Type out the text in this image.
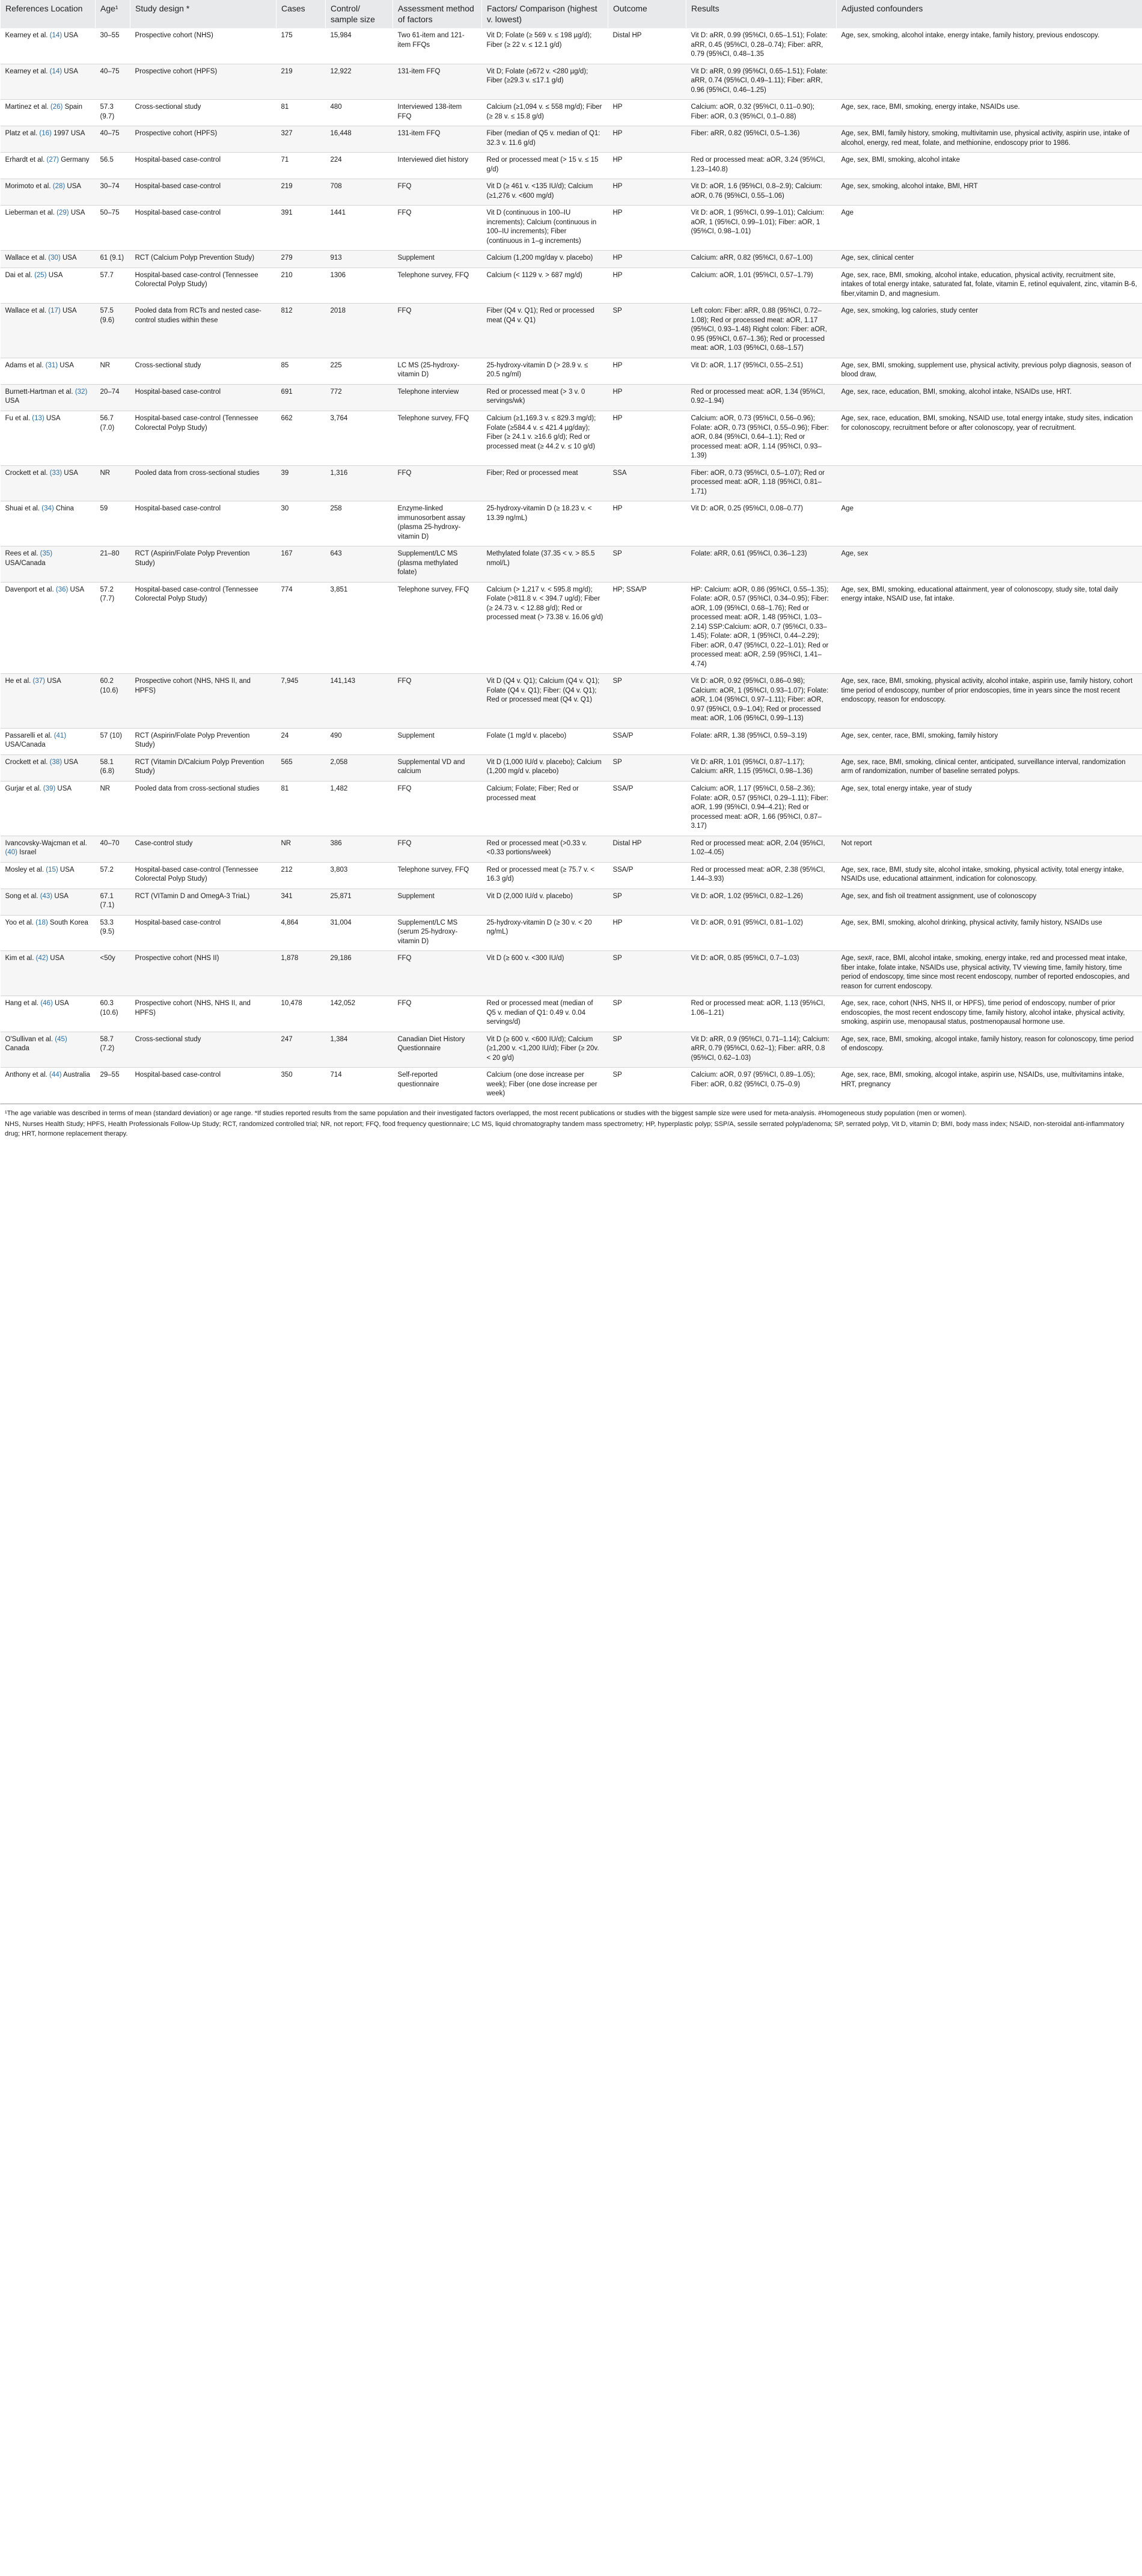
References Location	Age¹	Study design *	Cases	Control/ sample size	Assessment method of factors	Factors/ Comparison (highest v. lowest)	Outcome	Results	Adjusted confounders
Kearney et al. (14) USA	30–55	Prospective cohort (NHS)	175	15,984	Two 61-item and 121-item FFQs	Vit D; Folate (≥ 569 v. ≤ 198 µg/d); Fiber (≥ 22 v. ≤ 12.1 g/d)	Distal HP	Vit D: aRR, 0.99 (95%CI, 0.65–1.51); Folate: aRR, 0.45 (95%CI, 0.28–0.74); Fiber: aRR, 0.79 (95%CI, 0.48–1.35	Age, sex, smoking, alcohol intake, energy intake, family history, previous endoscopy.
Kearney et al. (14) USA	40–75	Prospective cohort (HPFS)	219	12,922	131-item FFQ	Vit D; Folate (≥672 v. <280 µg/d); Fiber (≥29.3 v. ≤17.1 g/d)		Vit D: aRR, 0.99 (95%CI, 0.65–1.51); Folate: aRR, 0.74 (95%CI, 0.49–1.11); Fiber: aRR, 0.96 (95%CI, 0.46–1.25)	
Martinez et al. (26) Spain	57.3 (9.7)	Cross-sectional study	81	480	Interviewed 138-item FFQ	Calcium (≥1,094 v. ≤ 558 mg/d); Fiber (≥ 28 v. ≤ 15.8 g/d)	HP	Calcium: aOR, 0.32 (95%CI, 0.11–0.90); Fiber: aOR, 0.3 (95%CI, 0.1–0.88)	Age, sex, race, BMI, smoking, energy intake, NSAIDs use.
Platz et al. (16) 1997 USA	40–75	Prospective cohort (HPFS)	327	16,448	131-item FFQ	Fiber (median of Q5 v. median of Q1: 32.3 v. 11.6 g/d)	HP	Fiber: aRR, 0.82 (95%CI, 0.5–1.36)	Age, sex, BMI, family history, smoking, multivitamin use, physical activity, aspirin use, intake of alcohol, energy, red meat, folate, and methionine, endoscopy prior to 1986.
Erhardt et al. (27) Germany	56.5	Hospital-based case-control	71	224	Interviewed diet history	Red or processed meat (> 15 v. ≤ 15 g/d)	HP	Red or processed meat: aOR, 3.24 (95%CI, 1.23–140.8)	Age, sex, BMI, smoking, alcohol intake
Morimoto et al. (28) USA	30–74	Hospital-based case-control	219	708	FFQ	Vit D (≥ 461 v. <135 IU/d); Calcium (≥1,276 v. <600 mg/d)	HP	Vit D: aOR, 1.6 (95%CI, 0.8–2.9); Calcium: aOR, 0.76 (95%CI, 0.55–1.06)	Age, sex, smoking, alcohol intake, BMI, HRT
Lieberman et al. (29) USA	50–75	Hospital-based case-control	391	1441	FFQ	Vit D (continuous in 100–IU increments); Calcium (continuous in 100–IU increments); Fiber (continuous in 1–g increments)	HP	Vit D: aOR, 1 (95%CI, 0.99–1.01); Calcium: aOR, 1 (95%CI, 0.99–1.01); Fiber: aOR, 1 (95%CI, 0.98–1.01)	Age
Wallace et al. (30) USA	61 (9.1)	RCT (Calcium Polyp Prevention Study)	279	913	Supplement	Calcium (1,200 mg/day v. placebo)	HP	Calcium: aRR, 0.82 (95%CI, 0.67–1.00)	Age, sex, clinical center
Dai et al. (25) USA	57.7	Hospital-based case-control (Tennessee Colorectal Polyp Study)	210	1306	Telephone survey, FFQ	Calcium (< 1129 v. > 687 mg/d)	HP	Calcium: aOR, 1.01 (95%CI, 0.57–1.79)	Age, sex, race, BMI, smoking, alcohol intake, education, physical activity, recruitment site, intakes of total energy intake, saturated fat, folate, vitamin E, retinol equivalent, zinc, vitamin B-6, fiber,vitamin D, and magnesium.
Wallace et al. (17) USA	57.5 (9.6)	Pooled data from RCTs and nested case-control studies within these	812	2018	FFQ	Fiber (Q4 v. Q1); Red or processed meat (Q4 v. Q1)	SP	Left colon: Fiber: aRR, 0.88 (95%CI, 0.72–1.08); Red or processed meat: aOR, 1.17 (95%CI, 0.93–1.48) Right colon: Fiber: aOR, 0.95 (95%CI, 0.67–1.36); Red or processed meat: aOR, 1.03 (95%CI, 0.68–1.57)	Age, sex, smoking, log calories, study center
Adams et al. (31) USA	NR	Cross-sectional study	85	225	LC MS (25-hydroxy-vitamin D)	25-hydroxy-vitamin D (> 28.9 v. ≤ 20.5 ng/ml)	HP	Vit D: aOR, 1.17 (95%CI, 0.55–2.51)	Age, sex, BMI, smoking, supplement use, physical activity, previous polyp diagnosis, season of blood draw,
Burnett-Hartman et al. (32) USA	20–74	Hospital-based case-control	691	772	Telephone interview	Red or processed meat (> 3 v. 0 servings/wk)	HP	Red or processed meat: aOR, 1.34 (95%CI, 0.92–1.94)	Age, sex, race, education, BMI, smoking, alcohol intake, NSAIDs use, HRT.
Fu et al. (13) USA	56.7 (7.0)	Hospital-based case-control (Tennessee Colorectal Polyp Study)	662	3,764	Telephone survey, FFQ	Calcium (≥1,169.3 v. ≤ 829.3 mg/d); Folate (≥584.4 v. ≤ 421.4 µg/day); Fiber (≥ 24.1 v. ≥16.6 g/d); Red or processed meat (≥ 44.2 v. ≤ 10 g/d)	HP	Calcium: aOR, 0.73 (95%CI, 0.56–0.96); Folate: aOR, 0.73 (95%CI, 0.55–0.96); Fiber: aOR, 0.84 (95%CI, 0.64–1.1); Red or processed meat: aOR, 1.14 (95%CI, 0.93–1.39)	Age, sex, race, education, BMI, smoking, NSAID use, total energy intake, study sites, indication for colonoscopy, recruitment before or after colonoscopy, year of recruitment.
Crockett et al. (33) USA	NR	Pooled data from cross-sectional studies	39	1,316	FFQ	Fiber; Red or processed meat	SSA	Fiber: aOR, 0.73 (95%CI, 0.5–1.07); Red or processed meat: aOR, 1.18 (95%CI, 0.81–1.71)	
Shuai et al. (34) China	59	Hospital-based case-control	30	258	Enzyme-linked immunosorbent assay (plasma 25-hydroxy-vitamin D)	25-hydroxy-vitamin D (≥ 18.23 v. < 13.39 ng/mL)	HP	Vit D: aOR, 0.25 (95%CI, 0.08–0.77)	Age
Rees et al. (35) USA/Canada	21–80	RCT (Aspirin/Folate Polyp Prevention Study)	167	643	Supplement/LC MS (plasma methylated folate)	Methylated folate (37.35 < v. > 85.5 nmol/L)	SP	Folate: aRR, 0.61 (95%CI, 0.36–1.23)	Age, sex
Davenport et al. (36) USA	57.2 (7.7)	Hospital-based case-control (Tennessee Colorectal Polyp Study)	774	3,851	Telephone survey, FFQ	Calcium (> 1,217 v. < 595.8 mg/d); Folate (>811.8 v. < 394.7 ug/d); Fiber (≥ 24.73 v. < 12.88 g/d); Red or processed meat (> 73.38 v. 16.06 g/d)	HP; SSA/P	HP: Calcium: aOR, 0.86 (95%CI, 0.55–1.35); Folate: aOR, 0.57 (95%CI, 0.34–0.95); Fiber: aOR, 1.09 (95%CI, 0.68–1.76); Red or processed meat: aOR, 1.48 (95%CI, 1.03–2.14) SSP:Calcium: aOR, 0.7 (95%CI, 0.33–1.45); Folate: aOR, 1 (95%CI, 0.44–2.29); Fiber: aOR, 0.47 (95%CI, 0.22–1.01); Red or processed meat: aOR, 2.59 (95%CI, 1.41–4.74)	Age, sex, BMI, smoking, educational attainment, year of colonoscopy, study site, total daily energy intake, NSAID use, fat intake.
He et al. (37) USA	60.2 (10.6)	Prospective cohort (NHS, NHS II, and HPFS)	7,945	141,143	FFQ	Vit D (Q4 v. Q1); Calcium (Q4 v. Q1); Folate (Q4 v. Q1); Fiber: (Q4 v. Q1); Red or processed meat (Q4 v. Q1)	SP	Vit D: aOR, 0.92 (95%CI, 0.86–0.98); Calcium: aOR, 1 (95%CI, 0.93–1.07); Folate: aOR, 1.04 (95%CI, 0.97–1.11); Fiber: aOR, 0.97 (95%CI, 0.9–1.04); Red or processed meat: aOR, 1.06 (95%CI, 0.99–1.13)	Age, sex, race, BMI, smoking, physical activity, alcohol intake, aspirin use, family history, cohort time period of endoscopy, number of prior endoscopies, time in years since the most recent endoscopy, reason for endoscopy.
Passarelli et al. (41) USA/Canada	57 (10)	RCT (Aspirin/Folate Polyp Prevention Study)	24	490	Supplement	Folate (1 mg/d v. placebo)	SSA/P	Folate: aRR, 1.38 (95%CI, 0.59–3.19)	Age, sex, center, race, BMI, smoking, family history
Crockett et al. (38) USA	58.1 (6.8)	RCT (Vitamin D/Calcium Polyp Prevention Study)	565	2,058	Supplemental VD and calcium	Vit D (1,000 IU/d v. placebo); Calcium (1,200 mg/d v. placebo)	SP	Vit D: aRR, 1.01 (95%CI, 0.87–1.17); Calcium: aRR, 1.15 (95%CI, 0.98–1.36)	Age, sex, race, BMI, smoking, clinical center, anticipated, surveillance interval, randomization arm of randomization, number of baseline serrated polyps.
Gurjar et al. (39) USA	NR	Pooled data from cross-sectional studies	81	1,482	FFQ	Calcium; Folate; Fiber; Red or processed meat	SSA/P	Calcium: aOR, 1.17 (95%CI, 0.58–2.36); Folate: aOR, 0.57 (95%CI, 0.29–1.11); Fiber: aOR, 1.99 (95%CI, 0.94–4.21); Red or processed meat: aOR, 1.66 (95%CI, 0.87–3.17)	Age, sex, total energy intake, year of study
Ivancovsky-Wajcman et al. (40) Israel	40–70	Case-control study	NR	386	FFQ	Red or processed meat (>0.33 v. <0.33 portions/week)	Distal HP	Red or processed meat: aOR, 2.04 (95%CI, 1.02–4.05)	Not report
Mosley et al. (15) USA	57.2	Hospital-based case-control (Tennessee Colorectal Polyp Study)	212	3,803	Telephone survey, FFQ	Red or processed meat (≥ 75.7 v. < 16.3 g/d)	SSA/P	Red or processed meat: aOR, 2.38 (95%CI, 1.44–3.93)	Age, sex, race, BMI, study site, alcohol intake, smoking, physical activity, total energy intake, NSAIDs use, educational attainment, indication for colonoscopy.
Song et al. (43) USA	67.1 (7.1)	RCT (VITamin D and OmegA-3 TriaL)	341	25,871	Supplement	Vit D (2,000 IU/d v. placebo)	SP	Vit D: aOR, 1.02 (95%CI, 0.82–1.26)	Age, sex, and fish oil treatment assignment, use of colonoscopy
Yoo et al. (18) South Korea	53.3 (9.5)	Hospital-based case-control	4,864	31,004	Supplement/LC MS (serum 25-hydroxy-vitamin D)	25-hydroxy-vitamin D (≥ 30 v. < 20 ng/mL)	HP	Vit D: aOR, 0.91 (95%CI, 0.81–1.02)	Age, sex, BMI, smoking, alcohol drinking, physical activity, family history, NSAIDs use
Kim et al. (42) USA	<50y	Prospective cohort (NHS II)	1,878	29,186	FFQ	Vit D (≥ 600 v. <300 IU/d)	SP	Vit D: aOR, 0.85 (95%CI, 0.7–1.03)	Age, sex#, race, BMI, alcohol intake, smoking, energy intake, red and processed meat intake, fiber intake, folate intake, NSAIDs use, physical activity, TV viewing time, family history, time period of endoscopy, time since most recent endoscopy, number of reported endoscopies, and reason for current endoscopy.
Hang et al. (46) USA	60.3 (10.6)	Prospective cohort (NHS, NHS II, and HPFS)	10,478	142,052	FFQ	Red or processed meat (median of Q5 v. median of Q1: 0.49 v. 0.04 servings/d)	SP	Red or processed meat: aOR, 1.13 (95%CI, 1.06–1.21)	Age, sex, race, cohort (NHS, NHS II, or HPFS), time period of endoscopy, number of prior endoscopies, the most recent endoscopy time, family history, alcohol intake, physical activity, smoking, aspirin use, menopausal status, postmenopausal hormone use.
O'Sullivan et al. (45) Canada	58.7 (7.2)	Cross-sectional study	247	1,384	Canadian Diet History Questionnaire	Vit D (≥ 600 v. <600 IU/d); Calcium (≥1,200 v. <1,200 IU/d); Fiber (≥ 20v. < 20 g/d)	SP	Vit D: aRR, 0.9 (95%CI, 0.71–1.14); Calcium: aRR, 0.79 (95%CI, 0.62–1); Fiber: aRR, 0.8 (95%CI, 0.62–1.03)	Age, sex, race, BMI, smoking, alcogol intake, family history, reason for colonoscopy, time period of endoscopy.
Anthony et al. (44) Australia	29–55	Hospital-based case-control	350	714	Self-reported questionnaire	Calcium (one dose increase per week); Fiber (one dose increase per week)	SP	Calcium: aOR, 0.97 (95%CI, 0.89–1.05); Fiber: aOR, 0.82 (95%CI, 0.75–0.9)	Age, sex, race, BMI, smoking, alcogol intake, aspirin use, NSAIDs, use, multivitamins intake, HRT, pregnancy

¹The age variable was described in terms of mean (standard deviation) or age range. *If studies reported results from the same population and their investigated factors overlapped, the most recent publications or studies with the biggest sample size were used for meta-analysis. #Homogeneous study population (men or women).

NHS, Nurses Health Study; HPFS, Health Professionals Follow-Up Study; RCT, randomized controlled trial; NR, not report; FFQ, food frequency questionnaire; LC MS, liquid chromatography tandem mass spectrometry; HP, hyperplastic polyp; SSP/A, sessile serrated polyp/adenoma; SP, serrated polyp, Vit D, vitamin D; BMI, body mass index; NSAID, non-steroidal anti-inflammatory drug; HRT, hormone replacement therapy.
